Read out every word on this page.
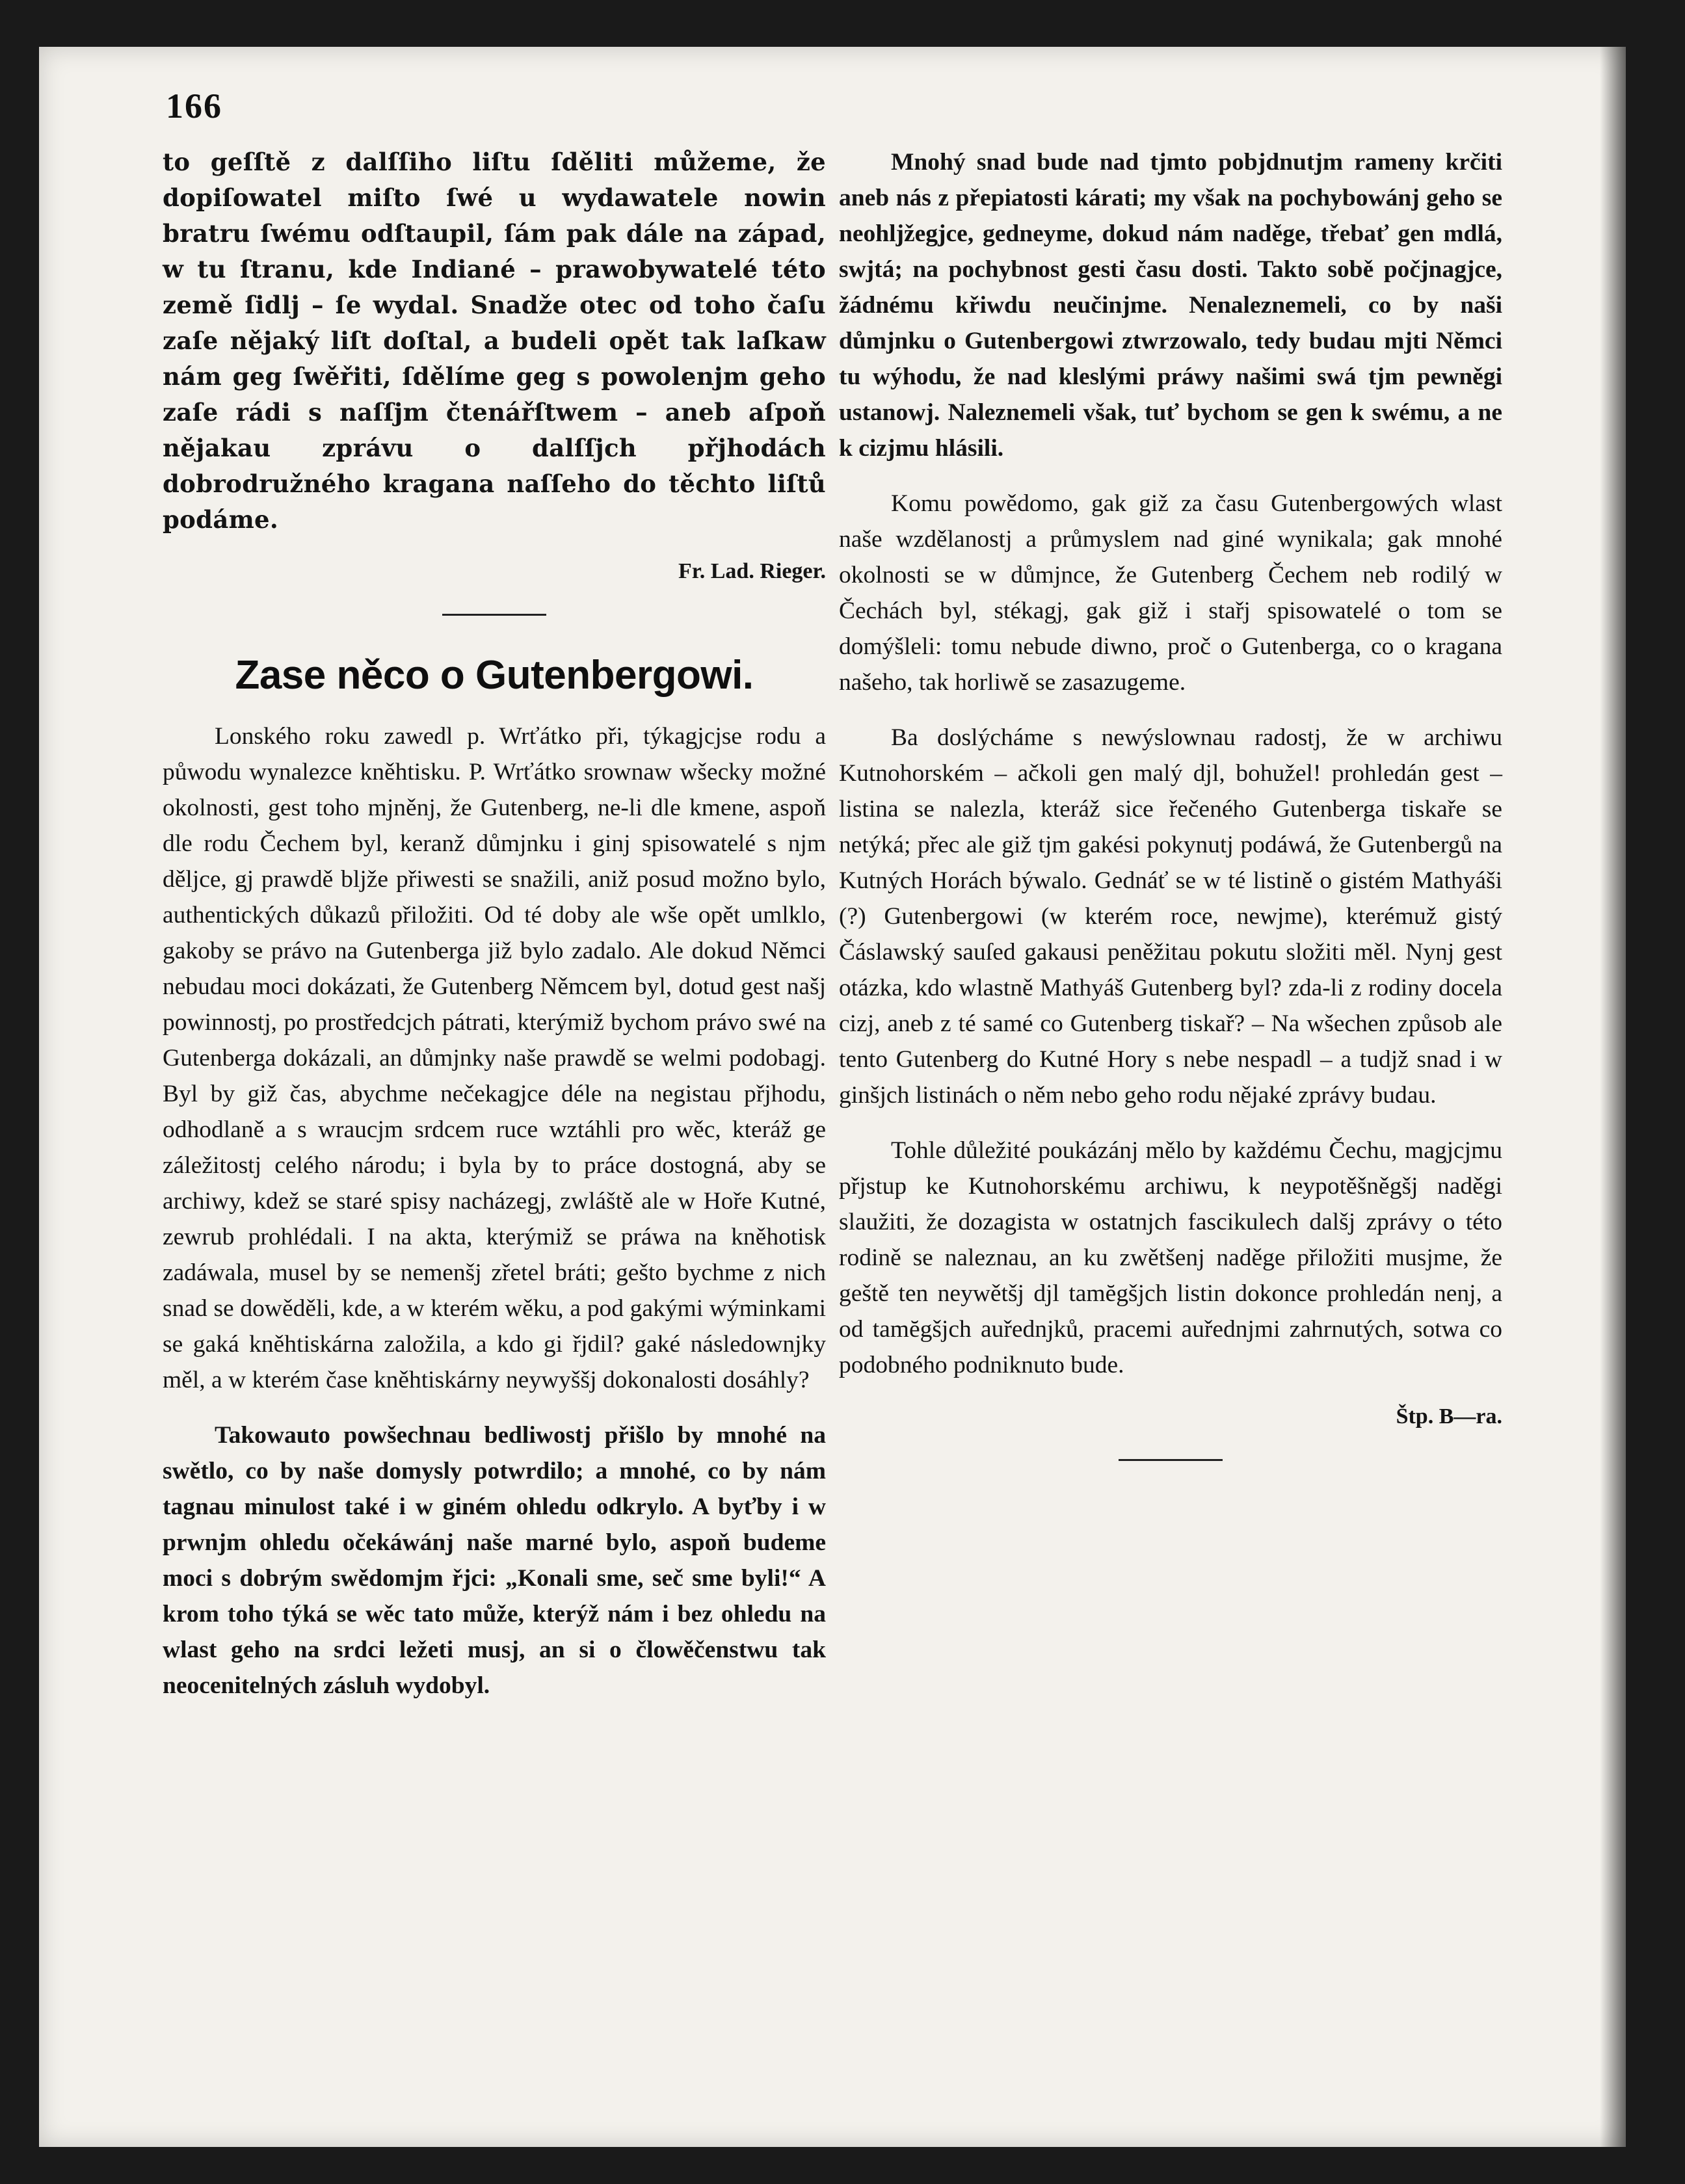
166

to geſſtě z dalſſiho liſtu ſděliti můžeme, že dopiſowatel miſto ſwé u wydawatele nowin bratru ſwému odſtaupil, ſám pak dále na západ, w tu ſtranu, kde Indiané – prawobywatelé této země ſidlj – ſe wydal. Snadže otec od toho čaſu zaſe nějaký liſt doſtal, a budeli opět tak laſkaw nám geg ſwěřiti, ſdělíme geg s powolenjm geho zaſe rádi s naſſjm čtenářſtwem – aneb aſpoň nějakau zprávu o dalſſjch přjhodách dobrodružného kragana naſſeho do těchto liſtů podáme.

Fr. Lad. Rieger.

Zase něco o Gutenbergowi.

Lonského roku zawedl p. Wrťátko při, týkagjcjse rodu a půwodu wynalezce kněhtisku. P. Wrťátko srownaw wšecky možné okolnosti, gest toho mjněnj, že Gutenberg, ne-li dle kmene, aspoň dle rodu Čechem byl, keranž důmjnku i ginj spisowatelé s njm děljce, gj prawdě bljže přiwesti se snažili, aniž posud možno bylo, authentických důkazů přiložiti. Od té doby ale wše opět umlklo, gakoby se právo na Gutenberga již bylo zadalo. Ale dokud Němci nebudau moci dokázati, že Gutenberg Němcem byl, dotud gest našj powinnostj, po prostředcjch pátrati, kterýmiž bychom právo swé na Gutenberga dokázali, an důmjnky naše prawdě se welmi podobagj. Byl by giž čas, abychme nečekagjce déle na negistau přjhodu, odhodlaně a s wraucjm srdcem ruce wztáhli pro wěc, kteráž ge záležitostj celého národu; i byla by to práce dostogná, aby se archiwy, kdež se staré spisy nacházegj, zwláště ale w Hoře Kutné, zewrub prohlédali. I na akta, kterýmiž se práwa na kněhotisk zadáwala, musel by se nemenšj zřetel bráti; gešto bychme z nich snad se dowěděli, kde, a w kterém wěku, a pod gakými wýminkami se gaká kněhtiskárna založila, a kdo gi řjdil? gaké následownjky měl, a w kterém čase kněhtiskárny neywyššj dokonalosti dosáhly?

Takowauto powšechnau bedliwostj přišlo by mnohé na swětlo, co by naše domysly potwrdilo; a mnohé, co by nám tagnau minulost také i w giném ohledu odkrylo. A byťby i w prwnjm ohledu očekáwánj naše marné bylo, aspoň budeme moci s dobrým swědomjm řjci: „Konali sme, seč sme byli!“ A krom toho týká se wěc tato může, kterýž nám i bez ohledu na wlast geho na srdci ležeti musj, an si o člowěčenstwu tak neocenitelných zásluh wydobyl.

Mnohý snad bude nad tjmto pobjdnutjm rameny krčiti aneb nás z přepiatosti kárati; my však na pochybowánj geho se neohljžegjce, gedneyme, dokud nám naděge, třebať gen mdlá, swjtá; na pochybnost gesti času dosti. Takto sobě počjnagjce, žádnému křiwdu neučinjme. Nenaleznemeli, co by naši důmjnku o Gutenbergowi ztwrzowalo, tedy budau mjti Němci tu wýhodu, že nad kleslými práwy našimi swá tjm pewněgi ustanowj. Naleznemeli však, tuť bychom se gen k swému, a ne k cizjmu hlásili.

Komu powědomo, gak giž za času Gutenbergowých wlast naše wzdělanostj a průmyslem nad giné wynikala; gak mnohé okolnosti se w důmjnce, že Gutenberg Čechem neb rodilý w Čechách byl, stékagj, gak giž i stařj spisowatelé o tom se domýšleli: tomu nebude diwno, proč o Gutenberga, co o kragana našeho, tak horliwě se zasazugeme.

Ba doslýcháme s newýslownau radostj, že w archiwu Kutnohorském – ačkoli gen malý djl, bohužel! prohledán gest – listina se nalezla, kteráž sice řečeného Gutenberga tiskaře se netýká; přec ale giž tjm gakési pokynutj podáwá, že Gutenbergů na Kutných Horách býwalo. Gednáť se w té listině o gistém Mathyáši (?) Gutenbergowi (w kterém roce, newjme), kterémuž gistý Čáslawský sauſed gakausi peněžitau pokutu složiti měl. Nynj gest otázka, kdo wlastně Mathyáš Gutenberg byl? zda-li z rodiny docela cizj, aneb z té samé co Gutenberg tiskař? – Na wšechen způsob ale tento Gutenberg do Kutné Hory s nebe nespadl – a tudjž snad i w ginšjch listinách o něm nebo geho rodu nějaké zprávy budau.

Tohle důležité poukázánj mělo by každému Čechu, magjcjmu přjstup ke Kutnohorskému archiwu, k neypotěšněgšj naděgi slaužiti, že dozagista w ostatnjch fascikulech dalšj zprávy o této rodině se naleznau, an ku zwětšenj naděge přiložiti musjme, že geště ten neywětšj djl tamĕgšjch listin dokonce prohledán nenj, a od tamĕgšjch auřednjků, pracemi auřednjmi zahrnutých, sotwa co podobného podniknuto bude.

Štp. B—ra.
